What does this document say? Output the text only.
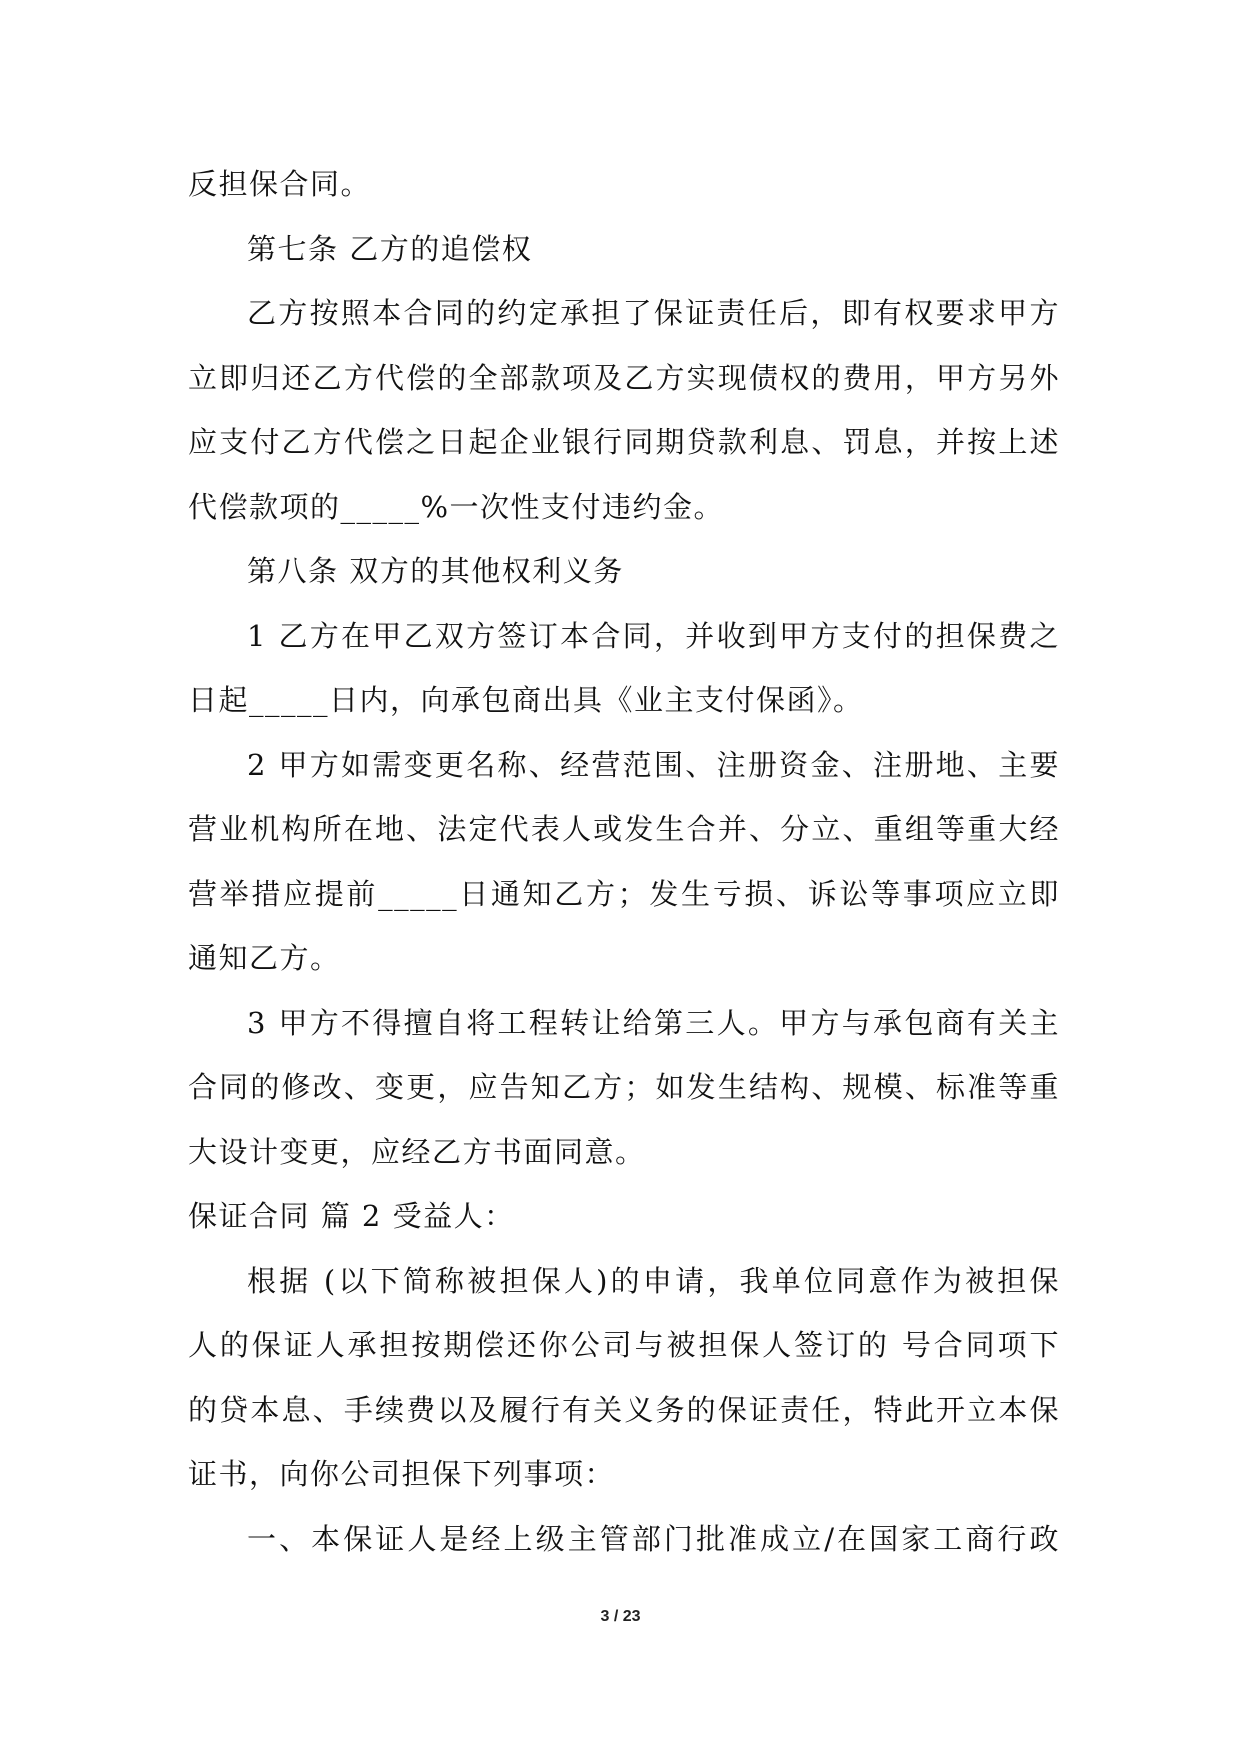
反担保合同。
第七条 乙方的追偿权
乙方按照本合同的约定承担了保证责任后，即有权要求甲方
立即归还乙方代偿的全部款项及乙方实现债权的费用，甲方另外
应支付乙方代偿之日起企业银行同期贷款利息、罚息，并按上述
代偿款项的_____%一次性支付违约金。
第八条 双方的其他权利义务
1 乙方在甲乙双方签订本合同，并收到甲方支付的担保费之
日起_____日内，向承包商出具《业主支付保函》。
2 甲方如需变更名称、经营范围、注册资金、注册地、主要
营业机构所在地、法定代表人或发生合并、分立、重组等重大经
营举措应提前_____日通知乙方；发生亏损、诉讼等事项应立即
通知乙方。
3 甲方不得擅自将工程转让给第三人。甲方与承包商有关主
合同的修改、变更，应告知乙方；如发生结构、规模、标准等重
大设计变更，应经乙方书面同意。
保证合同 篇 2 受益人：
根据 (以下简称被担保人)的申请，我单位同意作为被担保
人的保证人承担按期偿还你公司与被担保人签订的 号合同项下
的贷本息、手续费以及履行有关义务的保证责任，特此开立本保
证书，向你公司担保下列事项：
一、本保证人是经上级主管部门批准成立/在国家工商行政
3 / 23
